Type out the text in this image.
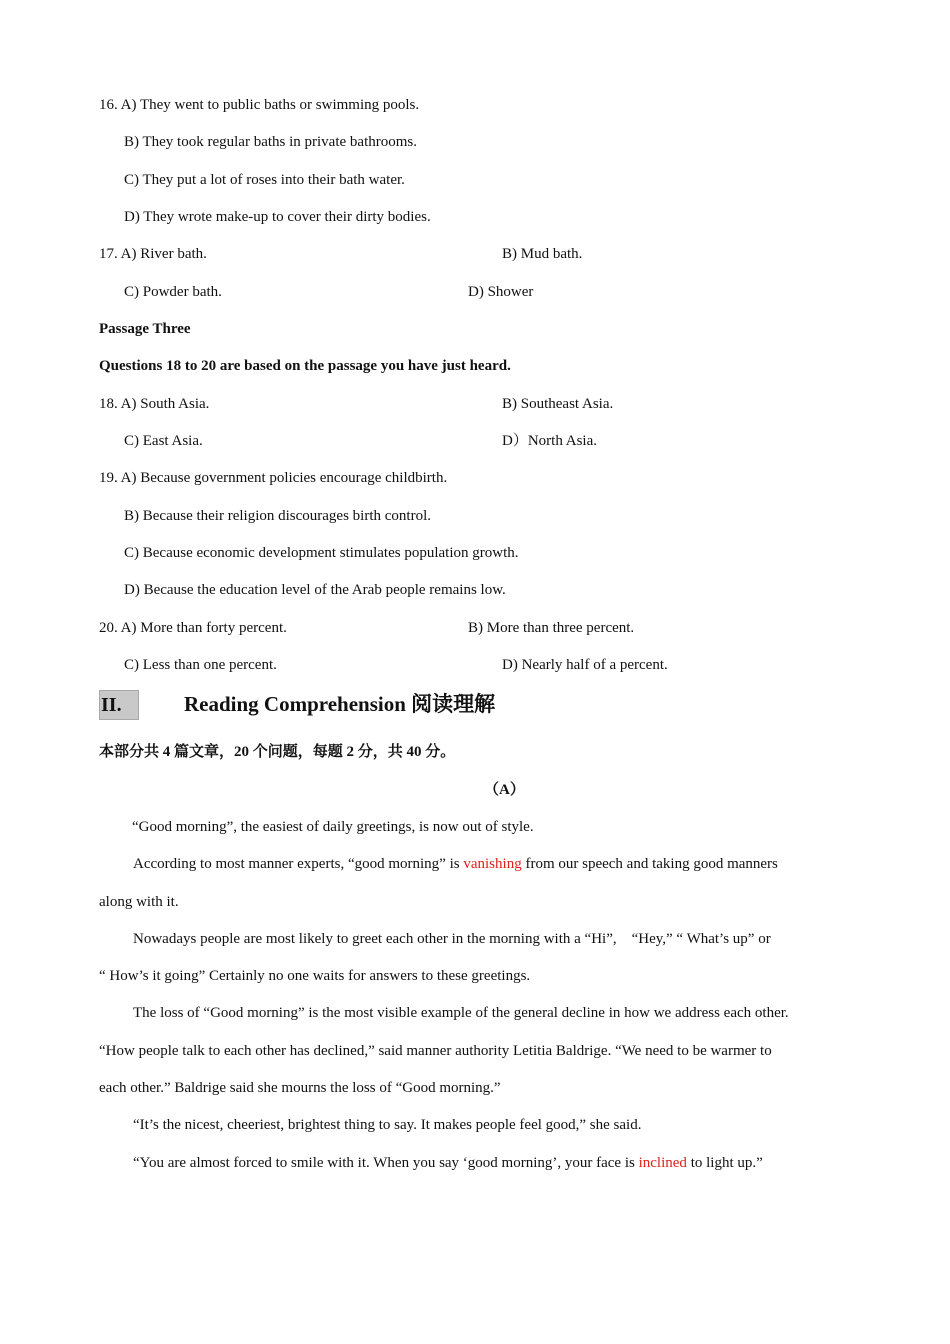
16. A) They went to public baths or swimming pools.
B) They took regular baths in private bathrooms.
C) They put a lot of roses into their bath water.
D) They wrote make-up to cover their dirty bodies.
17. A) River bath.	B) Mud bath.
C) Powder bath.	D) Shower
Passage Three
Questions 18 to 20 are based on the passage you have just heard.
18. A) South Asia.	B) Southeast Asia.
C) East Asia.	D）North Asia.
19. A) Because government policies encourage childbirth.
B) Because their religion discourages birth control.
C) Because economic development stimulates population growth.
D) Because the education level of the Arab people remains low.
20. A) More than forty percent.	B) More than three percent.
C) Less than one percent.	D) Nearly half of a percent.
II.	Reading Comprehension 阅读理解
本部分共 4 篇文章，20 个问题，每题 2 分，共 40 分。
（A）
“Good morning”, the easiest of daily greetings, is now out of style.
According to most manner experts, “good morning” is vanishing from our speech and taking good manners
along with it.
Nowadays people are most likely to greet each other in the morning with a “Hi”,    “Hey,” “ What’s up” or
“ How’s it going” Certainly no one waits for answers to these greetings.
The loss of “Good morning” is the most visible example of the general decline in how we address each other.
“How people talk to each other has declined,” said manner authority Letitia Baldrige. “We need to be warmer to
each other.” Baldrige said she mourns the loss of “Good morning.”
“It’s the nicest, cheeriest, brightest thing to say. It makes people feel good,” she said.
“You are almost forced to smile with it. When you say ‘good morning’, your face is inclined to light up.”
